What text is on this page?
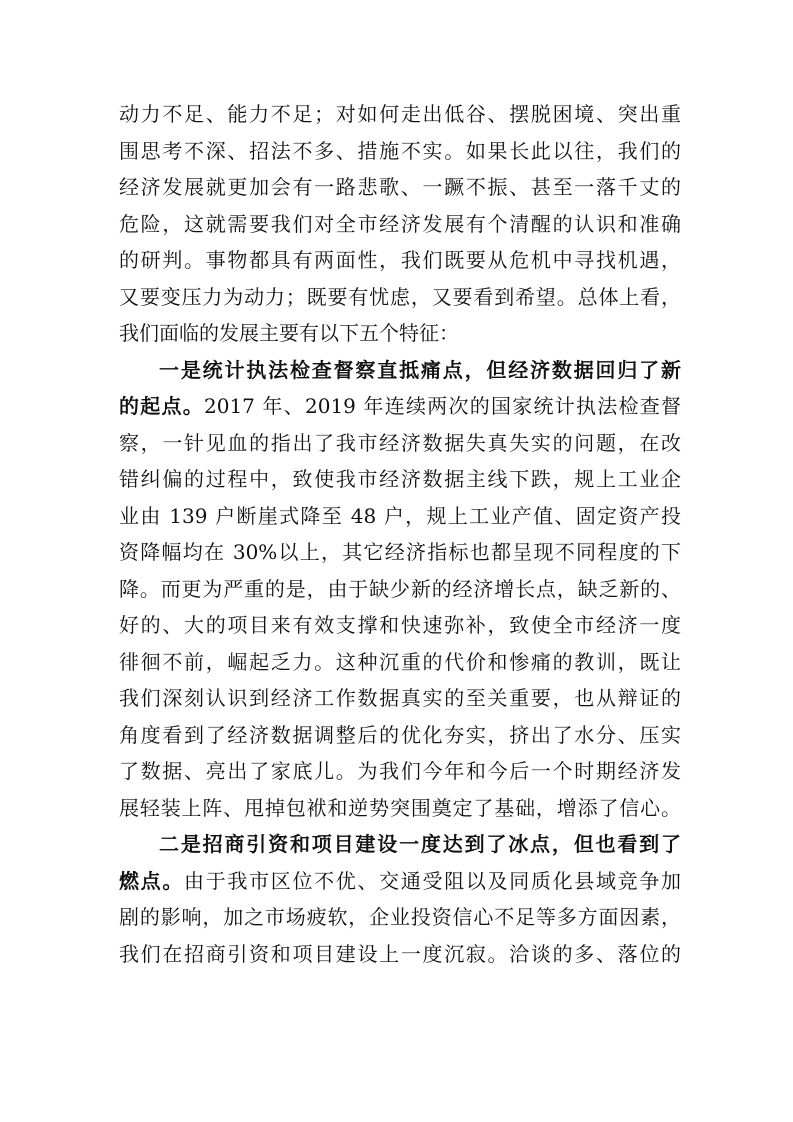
动力不足、能力不足；对如何走出低谷、摆脱困境、突出重
围思考不深、招法不多、措施不实。如果长此以往，我们的
经济发展就更加会有一路悲歌、一蹶不振、甚至一落千丈的
危险，这就需要我们对全市经济发展有个清醒的认识和准确
的研判。事物都具有两面性，我们既要从危机中寻找机遇，
又要变压力为动力；既要有忧虑，又要看到希望。总体上看，
我们面临的发展主要有以下五个特征：
一是统计执法检查督察直抵痛点，但经济数据回归了新
的起点。2017 年、2019 年连续两次的国家统计执法检查督
察，一针见血的指出了我市经济数据失真失实的问题，在改
错纠偏的过程中，致使我市经济数据主线下跌，规上工业企
业由 139 户断崖式降至 48 户，规上工业产值、固定资产投
资降幅均在 30%以上，其它经济指标也都呈现不同程度的下
降。而更为严重的是，由于缺少新的经济增长点，缺乏新的、
好的、大的项目来有效支撑和快速弥补，致使全市经济一度
徘徊不前，崛起乏力。这种沉重的代价和惨痛的教训，既让
我们深刻认识到经济工作数据真实的至关重要，也从辩证的
角度看到了经济数据调整后的优化夯实，挤出了水分、压实
了数据、亮出了家底儿。为我们今年和今后一个时期经济发
展轻装上阵、甩掉包袱和逆势突围奠定了基础，增添了信心。
二是招商引资和项目建设一度达到了冰点，但也看到了
燃点。由于我市区位不优、交通受阻以及同质化县域竞争加
剧的影响，加之市场疲软，企业投资信心不足等多方面因素，
我们在招商引资和项目建设上一度沉寂。洽谈的多、落位的
